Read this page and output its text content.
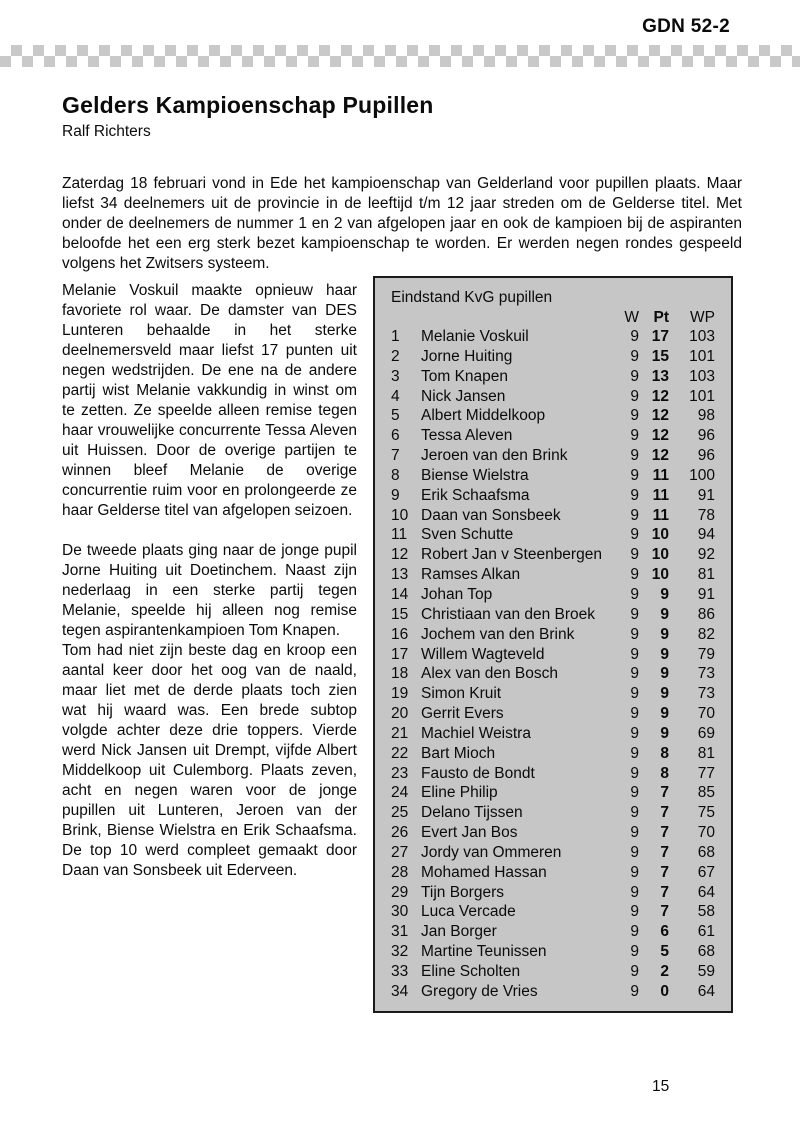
GDN 52-2
Gelders Kampioenschap Pupillen
Ralf Richters

Zaterdag 18 februari vond in Ede het kampioenschap van Gelderland voor pupillen plaats. Maar liefst 34 deelnemers uit de provincie in de leeftijd t/m 12 jaar streden om de Gelderse titel. Met onder de deelnemers de nummer 1 en 2 van afgelopen jaar en ook de kampioen bij de aspiranten beloofde het een erg sterk bezet kampioenschap te worden. Er werden negen rondes gespeeld volgens het Zwitsers systeem.

Melanie Voskuil maakte opnieuw haar favoriete rol waar. De damster van DES Lunteren behaalde in het sterke deelnemersveld maar liefst 17 punten uit negen wedstrijden. De ene na de andere partij wist Melanie vakkundig in winst om te zetten. Ze speelde alleen remise tegen haar vrouwelijke concurrente Tessa Aleven uit Huissen. Door de overige partijen te winnen bleef Melanie de overige concurrentie ruim voor en prolongeerde ze haar Gelderse titel van afgelopen seizoen.

De tweede plaats ging naar de jonge pupil Jorne Huiting uit Doetinchem. Naast zijn nederlaag in een sterke partij tegen Melanie, speelde hij alleen nog remise tegen aspirantenkampioen Tom Knapen.

Tom had niet zijn beste dag en kroop een aantal keer door het oog van de naald, maar liet met de derde plaats toch zien wat hij waard was. Een brede subtop volgde achter deze drie toppers. Vierde werd Nick Jansen uit Drempt, vijfde Albert Middelkoop uit Culemborg. Plaats zeven, acht en negen waren voor de jonge pupillen uit Lunteren, Jeroen van der Brink, Biense Wielstra en Erik Schaafsma. De top 10 werd compleet gemaakt door Daan van Sonsbeek uit Ederveen.

Eindstand KvG pupillen
		W	Pt	WP
1	Melanie Voskuil	9	17	103
2	Jorne Huiting	9	15	101
3	Tom Knapen	9	13	103
4	Nick Jansen	9	12	101
5	Albert Middelkoop	9	12	98
6	Tessa Aleven	9	12	96
7	Jeroen van den Brink	9	12	96
8	Biense Wielstra	9	11	100
9	Erik Schaafsma	9	11	91
10	Daan van Sonsbeek	9	11	78
11	Sven Schutte	9	10	94
12	Robert Jan v Steenbergen	9	10	92
13	Ramses Alkan	9	10	81
14	Johan Top	9	9	91
15	Christiaan van den Broek	9	9	86
16	Jochem van den Brink	9	9	82
17	Willem Wagteveld	9	9	79
18	Alex van den Bosch	9	9	73
19	Simon Kruit	9	9	73
20	Gerrit Evers	9	9	70
21	Machiel Weistra	9	9	69
22	Bart Mioch	9	8	81
23	Fausto de Bondt	9	8	77
24	Eline Philip	9	7	85
25	Delano Tijssen	9	7	75
26	Evert Jan Bos	9	7	70
27	Jordy van Ommeren	9	7	68
28	Mohamed Hassan	9	7	67
29	Tijn Borgers	9	7	64
30	Luca Vercade	9	7	58
31	Jan Borger	9	6	61
32	Martine Teunissen	9	5	68
33	Eline Scholten	9	2	59
34	Gregory de Vries	9	0	64
15
